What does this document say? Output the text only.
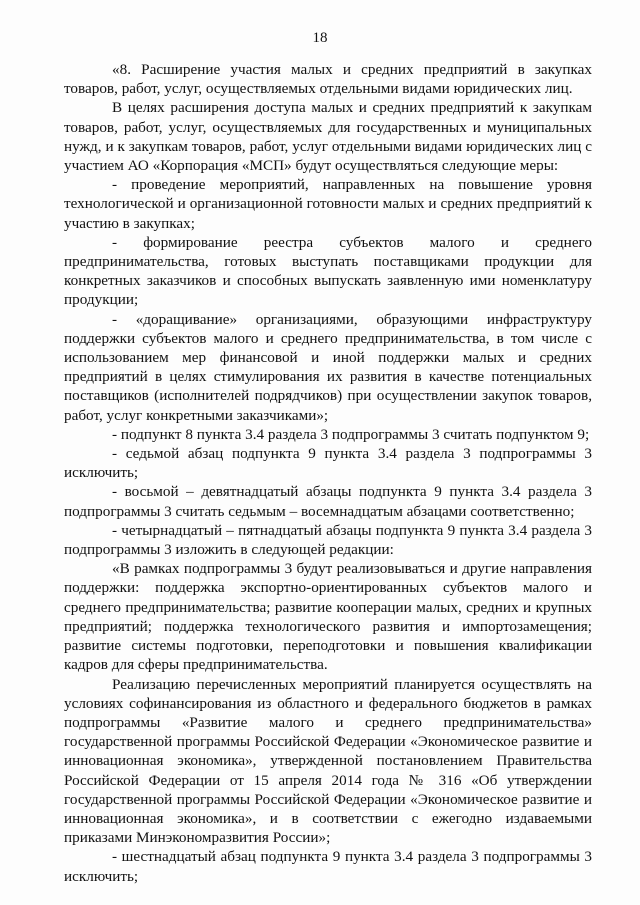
18

«8. Расширение участия малых и средних предприятий в закупках товаров, работ, услуг, осуществляемых отдельными видами юридических лиц.

В целях расширения доступа малых и средних предприятий к закупкам товаров, работ, услуг, осуществляемых для государственных и муниципальных нужд, и к закупкам товаров, работ, услуг отдельными видами юридических лиц с участием АО «Корпорация «МСП» будут осуществляться следующие меры:

- проведение мероприятий, направленных на повышение уровня технологической и организационной готовности малых и средних предприятий к участию в закупках;

- формирование реестра субъектов малого и среднего предпринимательства, готовых выступать поставщиками продукции для конкретных заказчиков и способных выпускать заявленную ими номенклатуру продукции;

- «доращивание» организациями, образующими инфраструктуру поддержки субъектов малого и среднего предпринимательства, в том числе с использованием мер финансовой и иной поддержки малых и средних предприятий в целях стимулирования их развития в качестве потенциальных поставщиков (исполнителей подрядчиков) при осуществлении закупок товаров, работ, услуг конкретными заказчиками»;

- подпункт 8 пункта 3.4 раздела 3 подпрограммы 3 считать подпунктом 9;

- седьмой абзац подпункта 9 пункта 3.4 раздела 3 подпрограммы 3 исключить;

- восьмой – девятнадцатый абзацы подпункта 9 пункта 3.4 раздела 3 подпрограммы 3 считать седьмым – восемнадцатым абзацами соответственно;

- четырнадцатый – пятнадцатый абзацы подпункта 9 пункта 3.4 раздела 3 подпрограммы 3 изложить в следующей редакции:

«В рамках подпрограммы 3 будут реализовываться и другие направления поддержки: поддержка экспортно-ориентированных субъектов малого и среднего предпринимательства; развитие кооперации малых, средних и крупных предприятий; поддержка технологического развития и импортозамещения; развитие системы подготовки, переподготовки и повышения квалификации кадров для сферы предпринимательства.

Реализацию перечисленных мероприятий планируется осуществлять на условиях софинансирования из областного и федерального бюджетов в рамках подпрограммы «Развитие малого и среднего предпринимательства» государственной программы Российской Федерации «Экономическое развитие и инновационная экономика», утвержденной постановлением Правительства Российской Федерации от 15 апреля 2014 года № 316 «Об утверждении государственной программы Российской Федерации «Экономическое развитие и инновационная экономика», и в соответствии с ежегодно издаваемыми приказами Минэкономразвития России»;

- шестнадцатый абзац подпункта 9 пункта 3.4 раздела 3 подпрограммы 3 исключить;
